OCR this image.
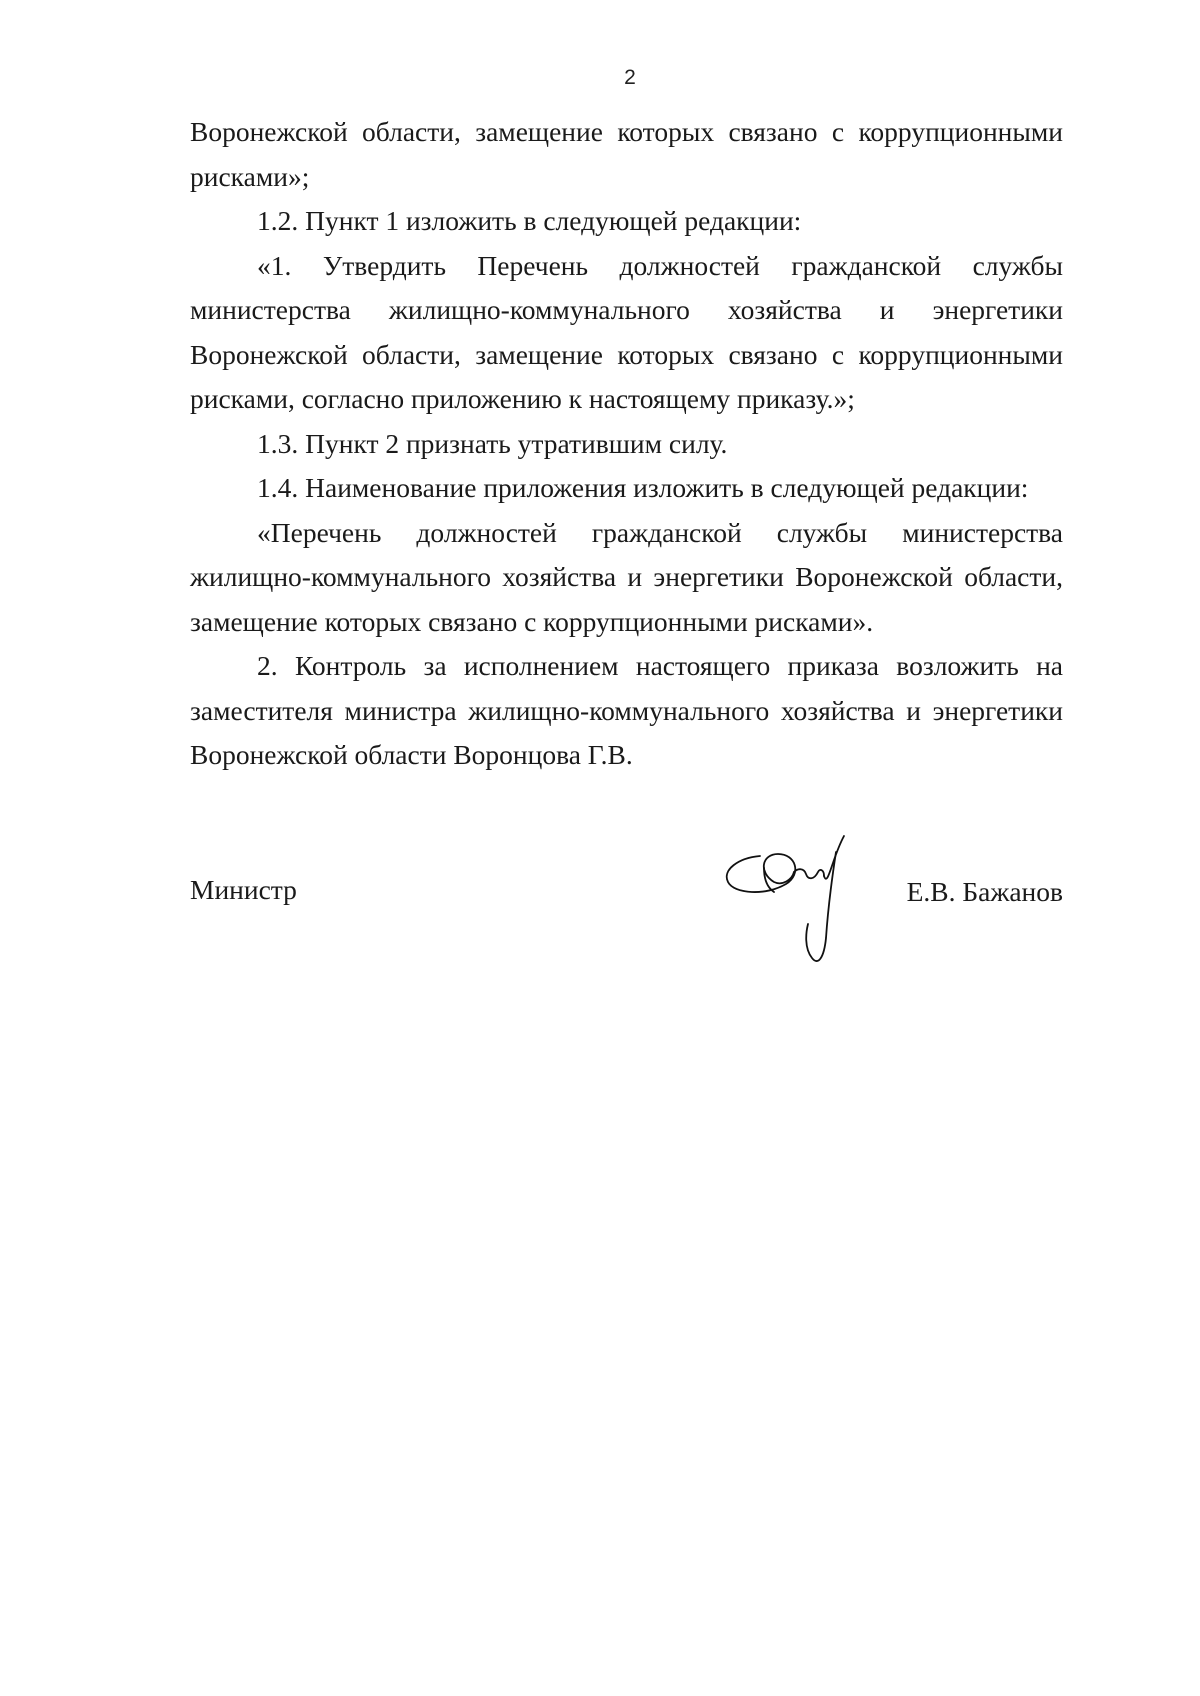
2

Воронежской области, замещение которых связано с коррупционными рисками»;

1.2. Пункт 1 изложить в следующей редакции:

«1. Утвердить Перечень должностей гражданской службы министерства жилищно-коммунального хозяйства и энергетики Воронежской области, замещение которых связано с коррупционными рисками, согласно приложению к настоящему приказу.»;

1.3. Пункт 2 признать утратившим силу.

1.4. Наименование приложения изложить в следующей редакции:

«Перечень должностей гражданской службы министерства жилищно-коммунального хозяйства и энергетики Воронежской области, замещение которых связано с коррупционными рисками».

2. Контроль за исполнением настоящего приказа возложить на заместителя министра жилищно-коммунального хозяйства и энергетики Воронежской области Воронцова Г.В.

Министр	Е.В. Бажанов
